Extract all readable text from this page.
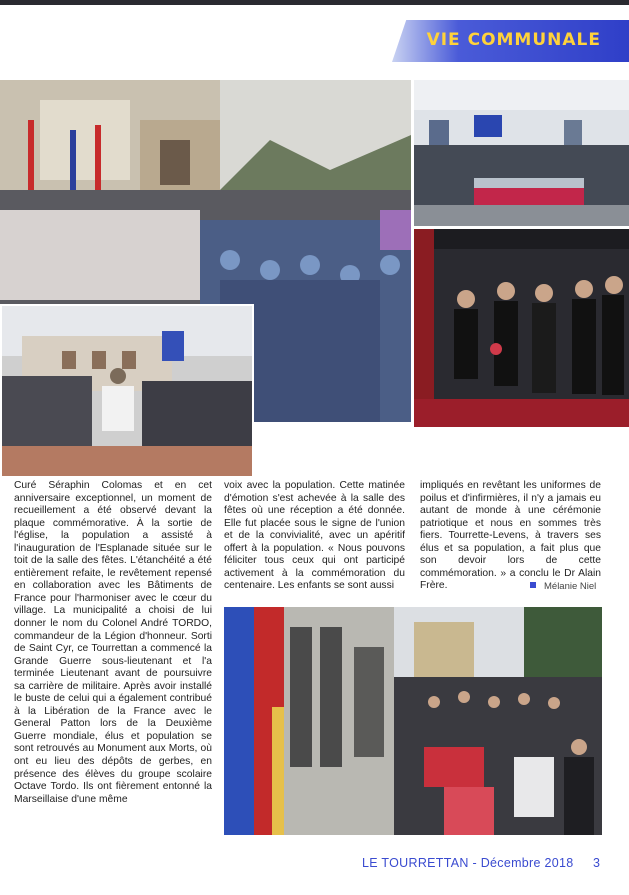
VIE COMMUNALE

Curé Séraphin Colomas et en cet anniversaire exceptionnel, un moment de recueillement a été observé devant la plaque commémorative. À la sortie de l'église, la population a assisté à l'inauguration de l'Esplanade située sur le toit de la salle des fêtes. L'étanchéité a été entièrement refaite, le revêtement repensé en collaboration avec les Bâtiments de France pour l'harmoniser avec le cœur du village. La municipalité a choisi de lui donner le nom du Colonel André TORDO, commandeur de la Légion d'honneur. Sorti de Saint Cyr, ce Tourrettan a commencé la Grande Guerre sous-lieutenant et l'a terminée Lieutenant avant de poursuivre sa carrière de militaire. Après avoir installé le buste de celui qui a également contribué à la Libération de la France avec le General Patton lors de la Deuxième Guerre mondiale, élus et population se sont retrouvés au Monument aux Morts, où ont eu lieu des dépôts de gerbes, en présence des élèves du groupe scolaire Octave Tordo. Ils ont fièrement entonné la Marseillaise d'une même

voix avec la population. Cette matinée d'émotion s'est achevée à la salle des fêtes où une réception a été donnée. Elle fut placée sous le signe de l'union et de la convivialité, avec un apéritif offert à la population. « Nous pouvons féliciter tous ceux qui ont participé activement à la commémoration du centenaire. Les enfants se sont aussi

impliqués en revêtant les uniformes de poilus et d'infirmières, il n'y a jamais eu autant de monde à une cérémonie patriotique et nous en sommes très fiers. Tourrette-Levens, à travers ses élus et sa population, a fait plus que son devoir lors de cette commémoration. » a conclu le Dr Alain Frère.	Mélanie Niel
LE TOURRETTAN - Décembre 2018 3
